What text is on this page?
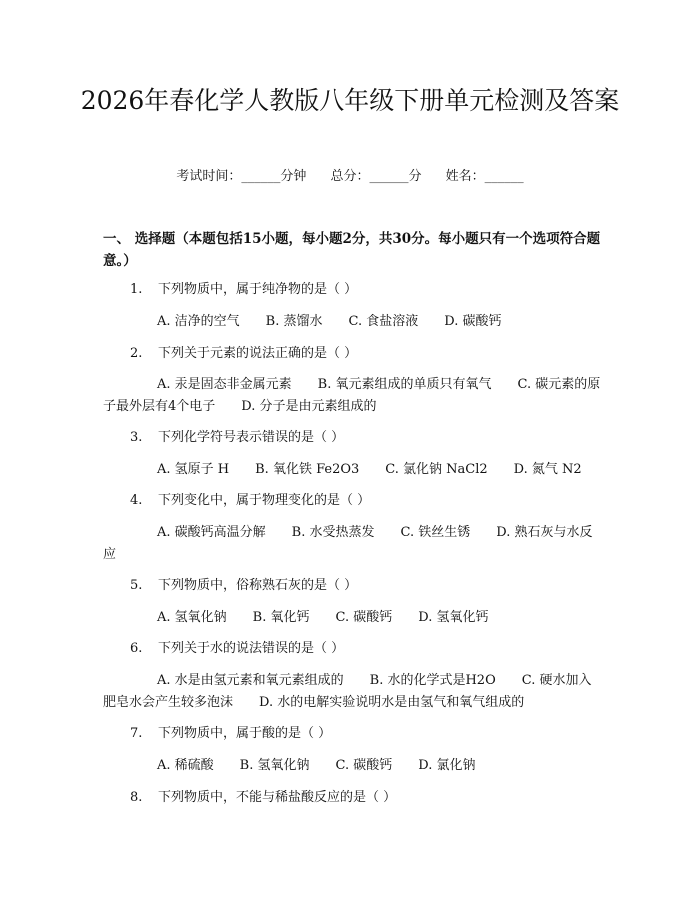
2026年春化学人教版八年级下册单元检测及答案
考试时间：______分钟 总分：______分 姓名：______
一、 选择题（本题包括15小题，每小题2分，共30分。每小题只有一个选项符合题意。）
1. 下列物质中，属于纯净物的是（ ）
A. 洁净的空气 B. 蒸馏水 C. 食盐溶液 D. 碳酸钙
2. 下列关于元素的说法正确的是（ ）
A. 汞是固态非金属元素 B. 氧元素组成的单质只有氧气 C. 碳元素的原子最外层有4个电子 D. 分子是由元素组成的
3. 下列化学符号表示错误的是（ ）
A. 氢原子 H B. 氧化铁 Fe2O3 C. 氯化钠 NaCl2 D. 氮气 N2
4. 下列变化中，属于物理变化的是（ ）
A. 碳酸钙高温分解 B. 水受热蒸发 C. 铁丝生锈 D. 熟石灰与水反应
5. 下列物质中，俗称熟石灰的是（ ）
A. 氢氧化钠 B. 氧化钙 C. 碳酸钙 D. 氢氧化钙
6. 下列关于水的说法错误的是（ ）
A. 水是由氢元素和氧元素组成的 B. 水的化学式是H2O C. 硬水加入肥皂水会产生较多泡沫 D. 水的电解实验说明水是由氢气和氧气组成的
7. 下列物质中，属于酸的是（ ）
A. 稀硫酸 B. 氢氧化钠 C. 碳酸钙 D. 氯化钠
8. 下列物质中，不能与稀盐酸反应的是（ ）
